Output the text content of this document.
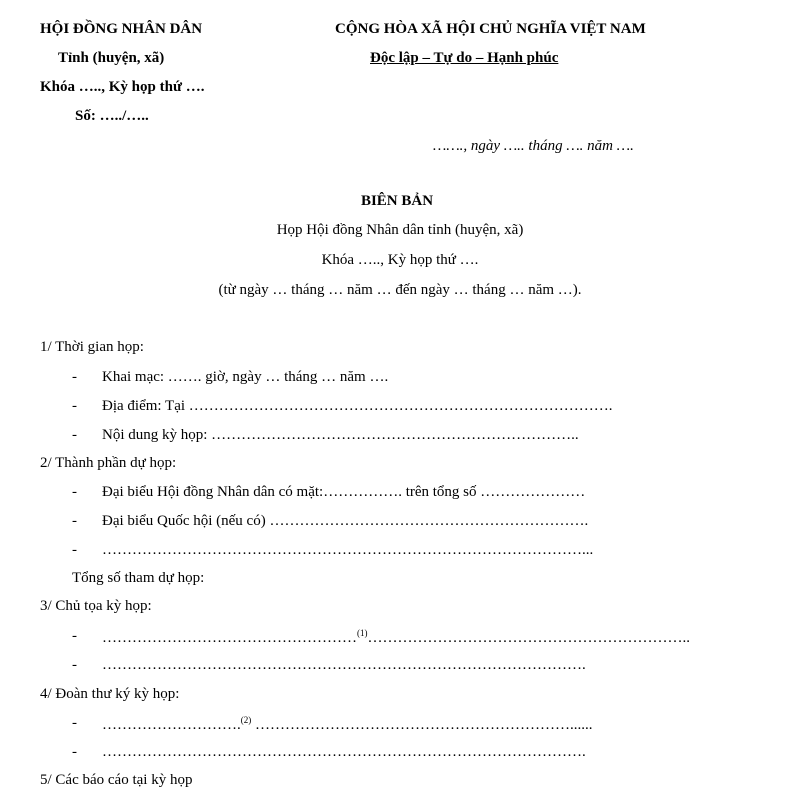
HỘI ĐỒNG NHÂN DÂN
Tỉnh (huyện, xã)
Khóa ….., Kỳ họp thứ ….
Số: …../…..
CỘNG HÒA XÃ HỘI CHỦ NGHĨA VIỆT NAM
Độc lập – Tự do – Hạnh phúc
……., ngày ….. tháng …. năm ….
BIÊN BẢN
Họp Hội đồng Nhân dân tỉnh (huyện, xã)
Khóa ….., Kỳ họp thứ ….
(từ ngày … tháng … năm … đến ngày … tháng … năm …).
1/ Thời gian họp:
- Khai mạc: ……. giờ, ngày … tháng … năm ….
- Địa điểm: Tại ………………………………………………………………………….
- Nội dung kỳ họp: ………………………………………………………………..
2/ Thành phần dự họp:
- Đại biểu Hội đồng Nhân dân có mặt:……………. trên tổng số …………………
- Đại biểu Quốc hội (nếu có) ……………………………………………………….
- ……………………………………………………………………………………...
Tổng số tham dự họp:
3/ Chủ tọa kỳ họp:
- ……………………………………………$^{(1)}$………………………………………………………..
- …………………………………………………………………………………….
4/ Đoàn thư ký kỳ họp:
- ……………………….$^{(2)}$ ………………………………………………………......
- …………………………………………………………………………………….
5/ Các báo cáo tại kỳ họp
